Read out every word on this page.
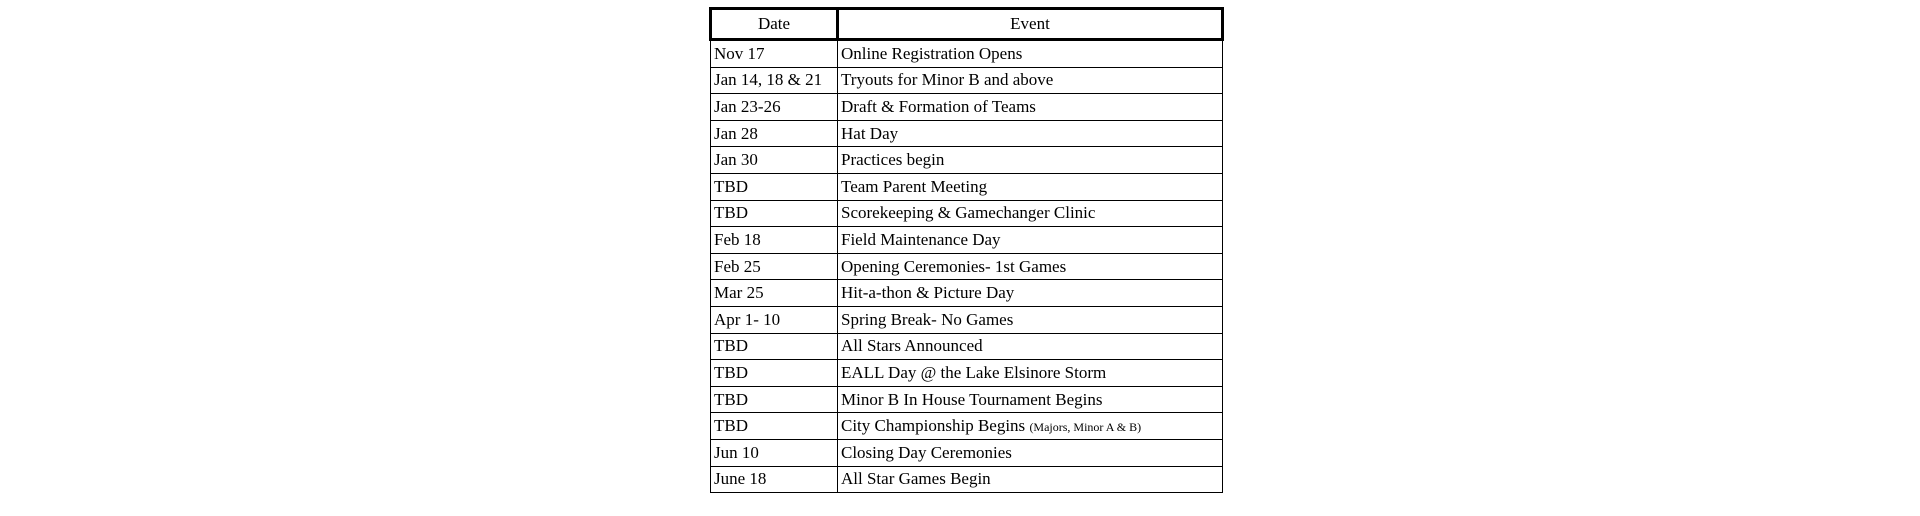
Date	Event
Nov 17	Online Registration Opens
Jan 14, 18 & 21	Tryouts for Minor B and above
Jan 23-26	Draft & Formation of Teams
Jan 28	Hat Day
Jan 30	Practices begin
TBD	Team Parent Meeting
TBD	Scorekeeping & Gamechanger Clinic
Feb 18	Field Maintenance Day
Feb 25	Opening Ceremonies- 1st Games
Mar 25	Hit-a-thon & Picture Day
Apr 1- 10	Spring Break- No Games
TBD	All Stars Announced
TBD	EALL Day @ the Lake Elsinore Storm
TBD	Minor B In House Tournament Begins
TBD	City Championship Begins (Majors, Minor A & B)
Jun 10	Closing Day Ceremonies
June 18	All Star Games Begin
